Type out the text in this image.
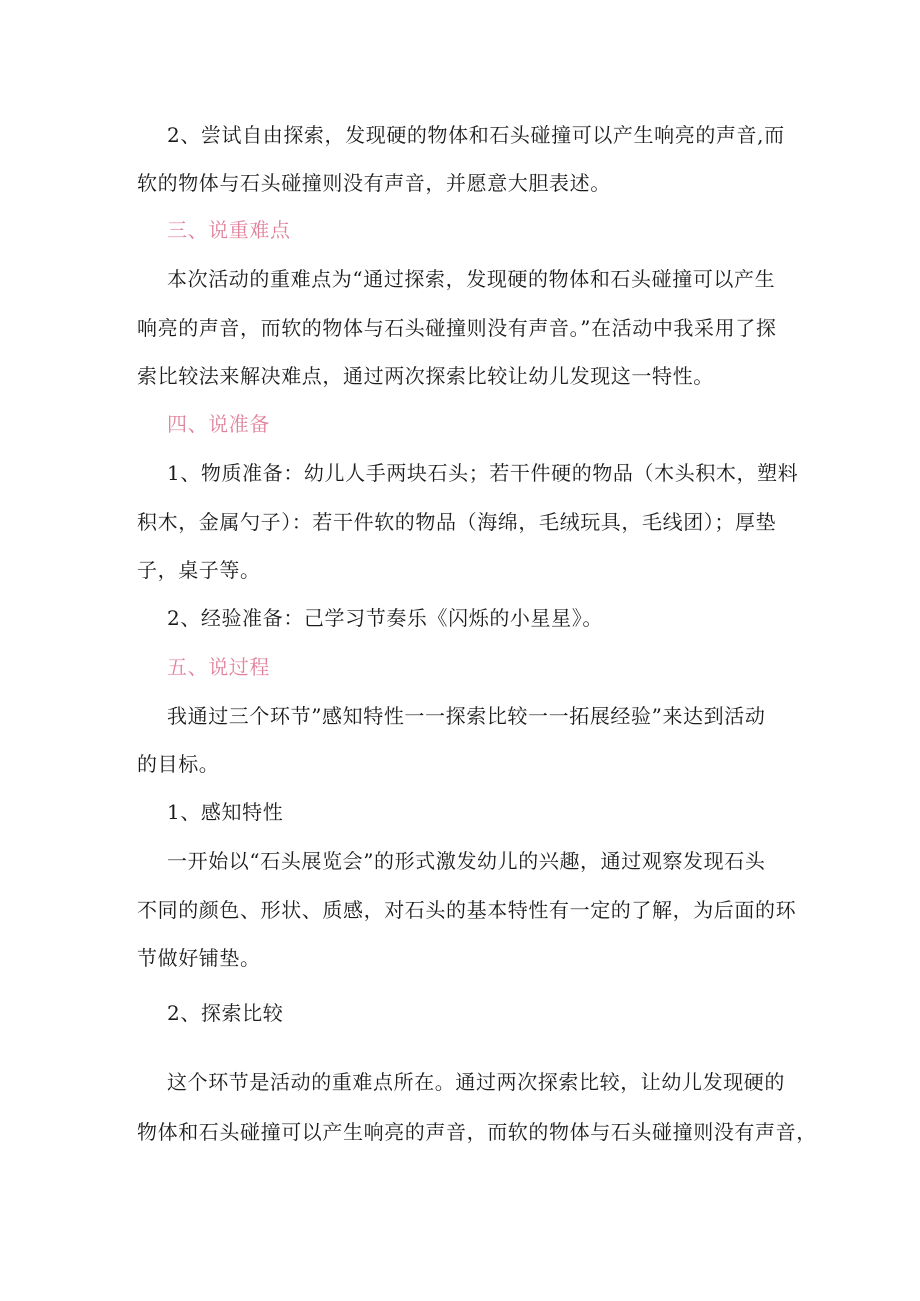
2、尝试自由探索，发现硬的物体和石头碰撞可以产生响亮的声音,而
软的物体与石头碰撞则没有声音，并愿意大胆表述。
三、说重难点
本次活动的重难点为“通过探索，发现硬的物体和石头碰撞可以产生
响亮的声音，而软的物体与石头碰撞则没有声音。”在活动中我采用了探
索比较法来解决难点，通过两次探索比较让幼儿发现这一特性。
四、说准备
1、物质准备：幼儿人手两块石头；若干件硬的物品（木头积木，塑料
积木，金属勺子）：若干件软的物品（海绵，毛绒玩具，毛线团）；厚垫
子，桌子等。
2、经验准备：己学习节奏乐《闪烁的小星星》。
五、说过程
我通过三个环节”感知特性一一探索比较一一拓展经验”来达到活动
的目标。
1、感知特性
一开始以“石头展览会”的形式激发幼儿的兴趣，通过观察发现石头
不同的颜色、形状、质感，对石头的基本特性有一定的了解，为后面的环
节做好铺垫。
2、探索比较
这个环节是活动的重难点所在。通过两次探索比较，让幼儿发现硬的
物体和石头碰撞可以产生响亮的声音，而软的物体与石头碰撞则没有声音，
